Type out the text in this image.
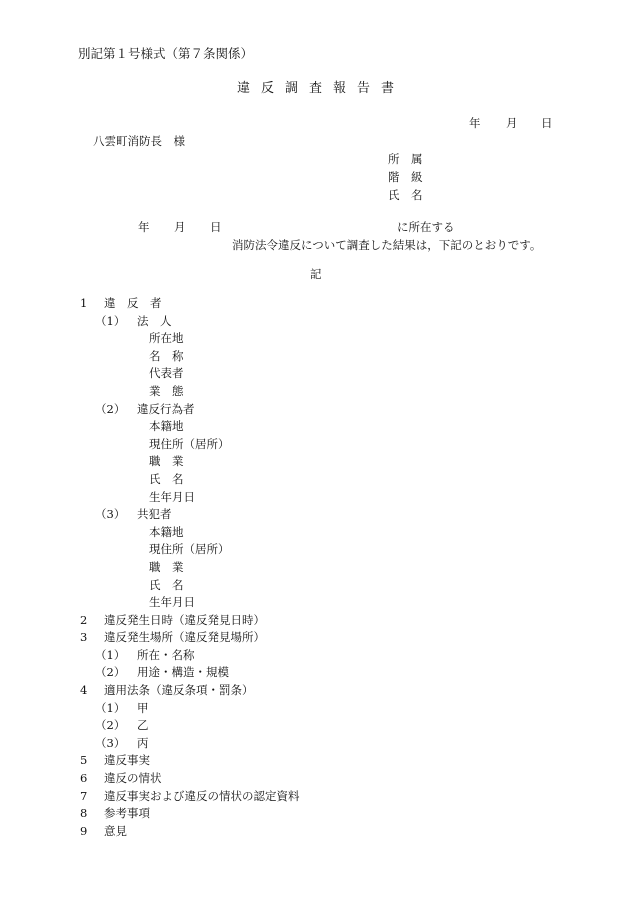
別記第１号様式（第７条関係）
違反調査報告書
年 月 日
八雲町消防長　様
所　属
階　級
氏　名
年 月 日	に所在する
消防法令違反について調査した結果は，下記のとおりです。
記
1 違　反　者
（1） 法　人
所在地
名　称
代表者
業　態
（2） 違反行為者
本籍地
現住所（居所）
職　業
氏　名
生年月日
（3） 共犯者
本籍地
現住所（居所）
職　業
氏　名
生年月日
2 違反発生日時（違反発見日時）
3 違反発生場所（違反発見場所）
（1） 所在・名称
（2） 用途・構造・規模
4 適用法条（違反条項・罰条）
（1） 甲
（2） 乙
（3） 丙
5 違反事実
6 違反の情状
7 違反事実および違反の情状の認定資料
8 参考事項
9 意見
